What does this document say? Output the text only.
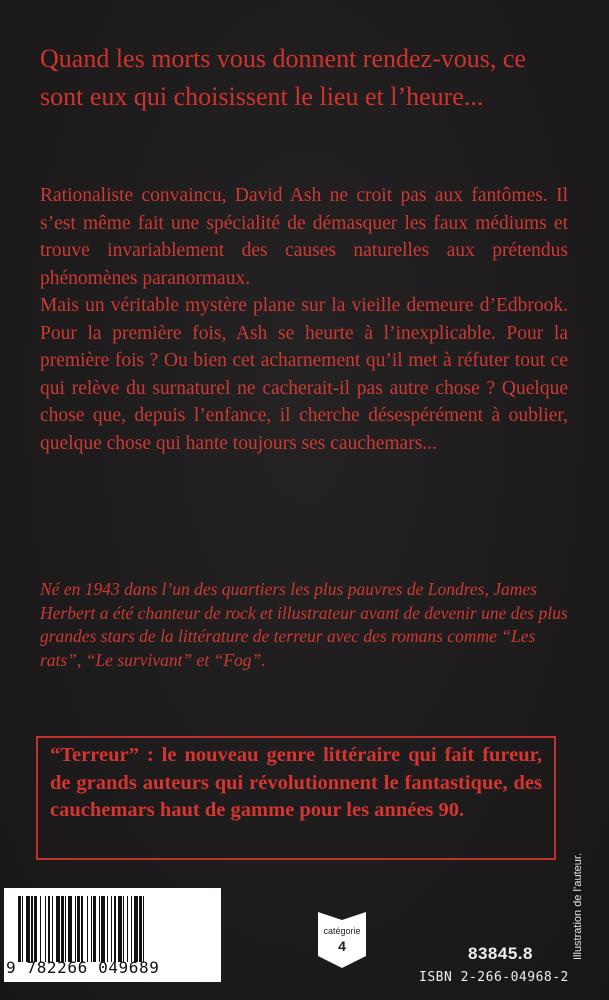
Quand les morts vous donnent rendez-vous, ce sont eux qui choisissent le lieu et l’heure...

Rationaliste convaincu, David Ash ne croit pas aux fantômes. Il s’est même fait une spécialité de démasquer les faux médiums et trouve invariablement des causes naturelles aux prétendus phénomènes paranormaux.

Mais un véritable mystère plane sur la vieille demeure d’Edbrook. Pour la première fois, Ash se heurte à l’inexplicable. Pour la première fois ? Ou bien cet acharnement qu’il met à réfuter tout ce qui relève du surnaturel ne cacherait-il pas autre chose ? Quelque chose que, depuis l’enfance, il cherche désespérément à oublier, quelque chose qui hante toujours ses cauchemars...

Né en 1943 dans l’un des quartiers les plus pauvres de Londres, James Herbert a été chanteur de rock et illustrateur avant de devenir une des plus grandes stars de la littérature de terreur avec des romans comme “Les rats”, “Le survivant” et “Fog”.
“Terreur” : le nouveau genre littéraire qui fait fureur, de grands auteurs qui révolutionnent le fantastique, des cauchemars haut de gamme pour les années 90.
Illustration de l’auteur.
9 782266 049689
catégorie
4	83845.8
ISBN 2-266-04968-2
